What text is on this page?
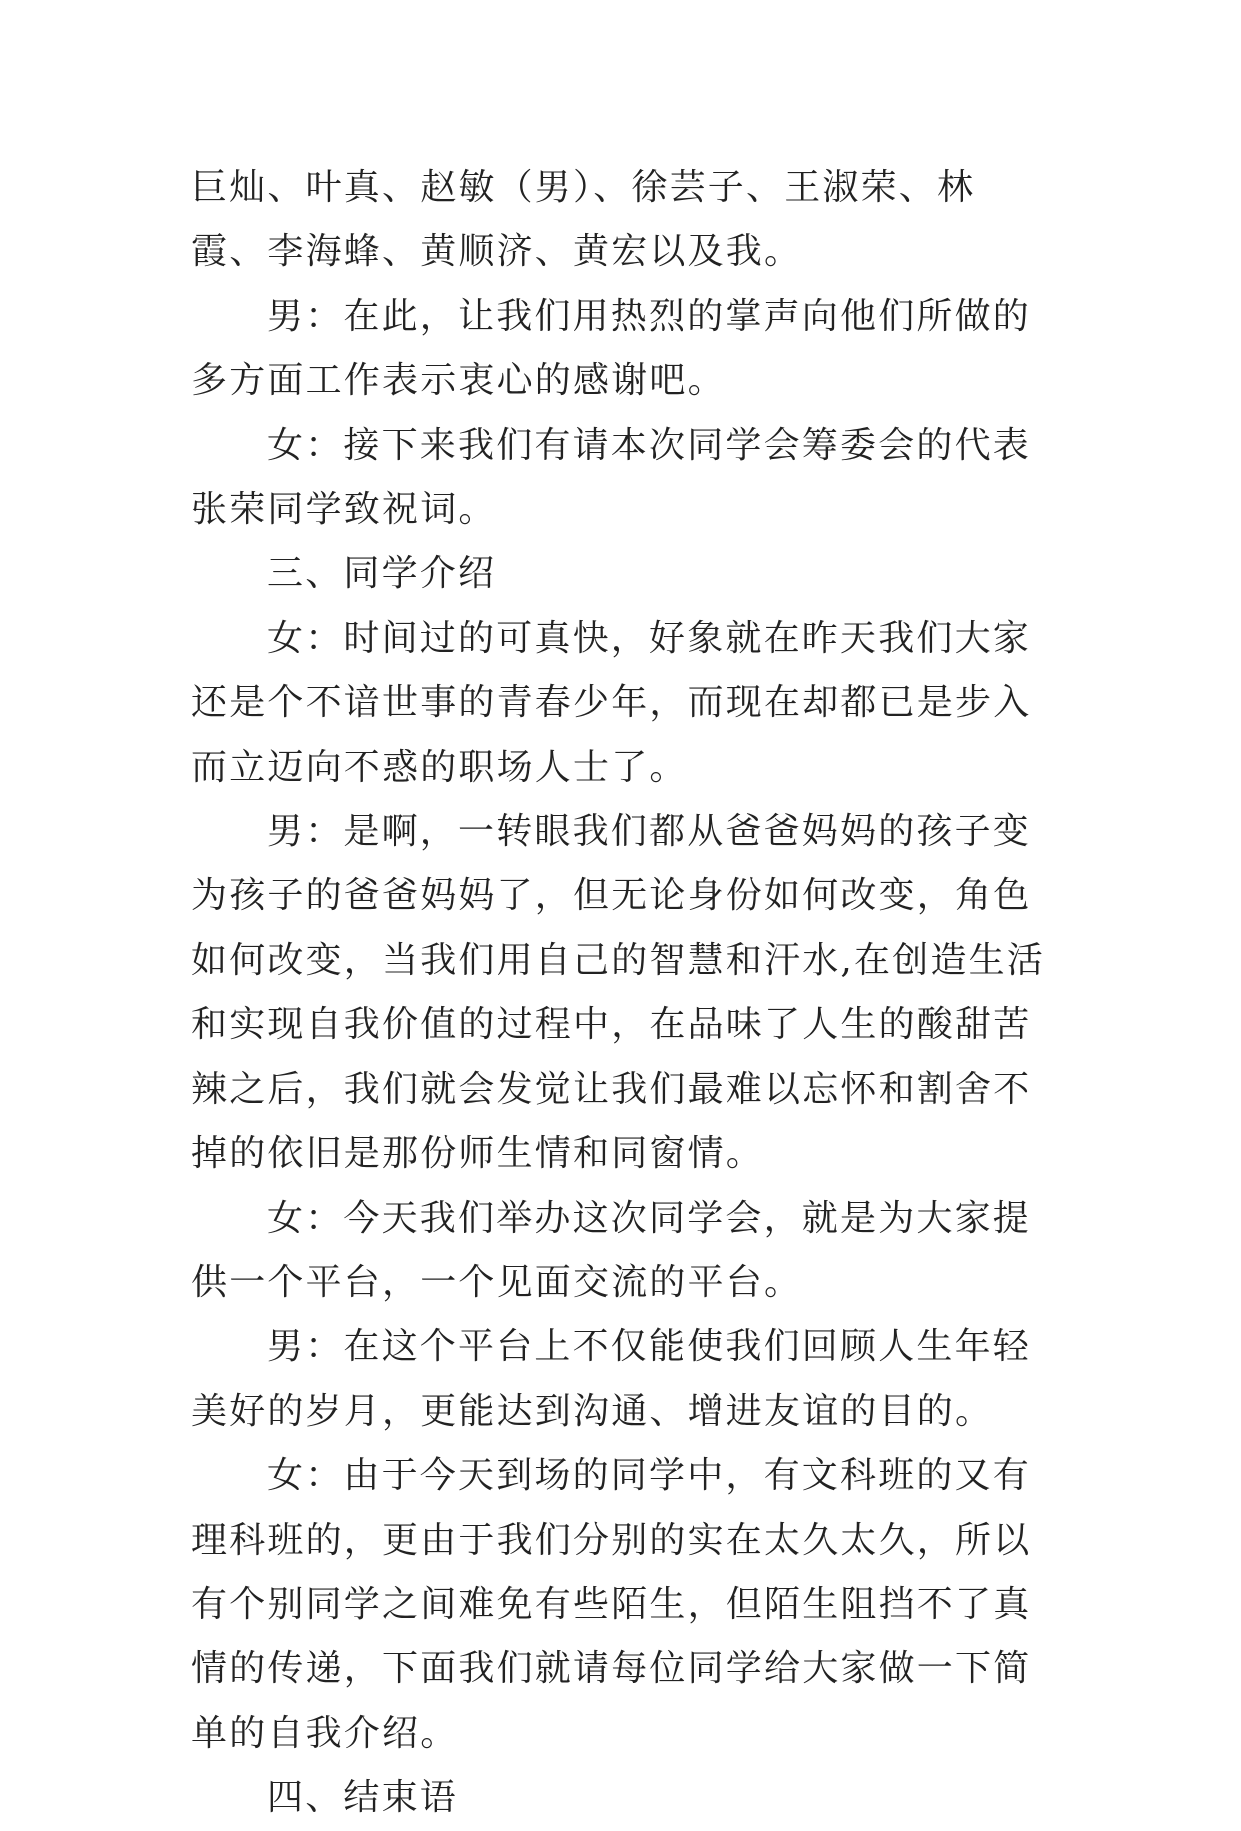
巨灿、叶真、赵敏（男）、徐芸子、王淑荣、林霞、李海蜂、黄顺济、黄宏以及我。

男：在此，让我们用热烈的掌声向他们所做的多方面工作表示衷心的感谢吧。

女：接下来我们有请本次同学会筹委会的代表张荣同学致祝词。

三、同学介绍

女：时间过的可真快，好象就在昨天我们大家还是个不谙世事的青春少年，而现在却都已是步入而立迈向不惑的职场人士了。

男：是啊，一转眼我们都从爸爸妈妈的孩子变为孩子的爸爸妈妈了，但无论身份如何改变，角色如何改变，当我们用自己的智慧和汗水,在创造生活和实现自我价值的过程中，在品味了人生的酸甜苦辣之后，我们就会发觉让我们最难以忘怀和割舍不掉的依旧是那份师生情和同窗情。

女：今天我们举办这次同学会，就是为大家提供一个平台，一个见面交流的平台。

男：在这个平台上不仅能使我们回顾人生年轻美好的岁月，更能达到沟通、增进友谊的目的。

女：由于今天到场的同学中，有文科班的又有理科班的，更由于我们分别的实在太久太久，所以有个别同学之间难免有些陌生，但陌生阻挡不了真情的传递，下面我们就请每位同学给大家做一下简单的自我介绍。

四、结束语
